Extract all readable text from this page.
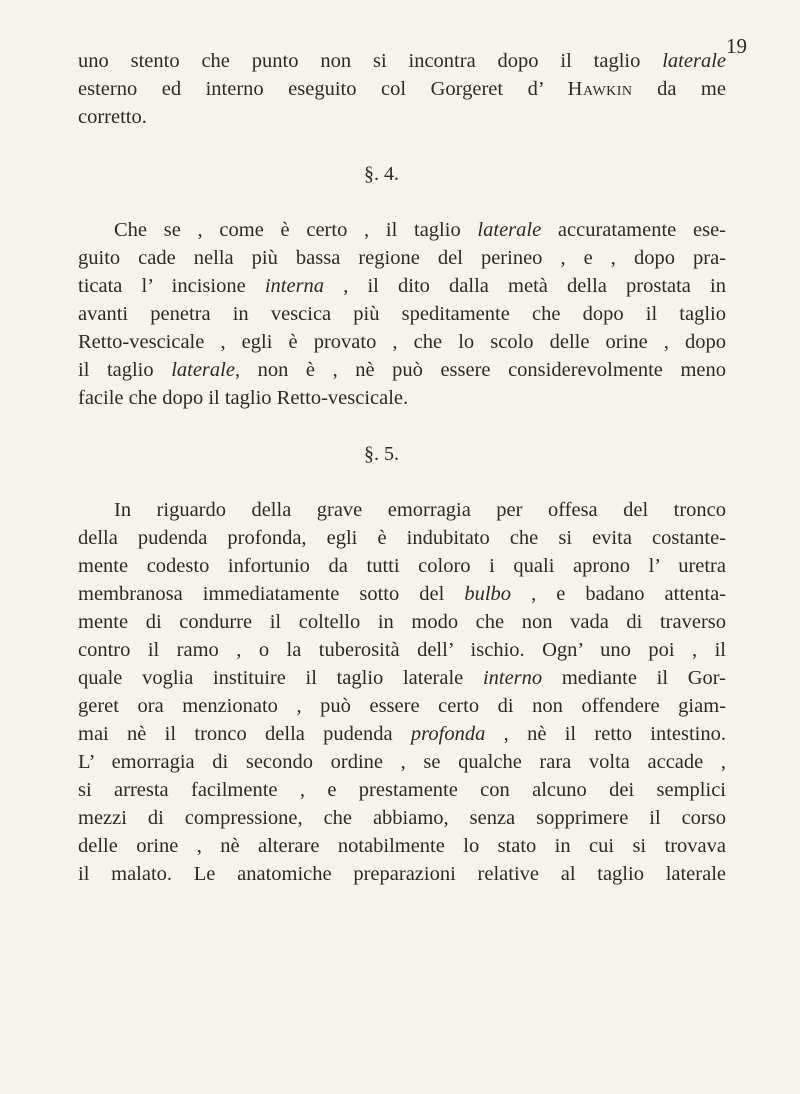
19
uno stento che punto non si incontra dopo il taglio laterale
esterno ed interno eseguito col Gorgeret d’ Hawkin da me
corretto.
§. 4.
Che se , come è certo , il taglio laterale accuratamente ese-
guito cade nella più bassa regione del perineo , e , dopo pra-
ticata l’ incisione interna , il dito dalla metà della prostata in
avanti penetra in vescica più speditamente che dopo il taglio
Retto-vescicale , egli è provato , che lo scolo delle orine , dopo
il taglio laterale, non è , nè può essere considerevolmente meno
facile che dopo il taglio Retto-vescicale.
§. 5.
In riguardo della grave emorragia per offesa del tronco
della pudenda profonda, egli è indubitato che si evita costante-
mente codesto infortunio da tutti coloro i quali aprono l’ uretra
membranosa immediatamente sotto del bulbo , e badano attenta-
mente di condurre il coltello in modo che non vada di traverso
contro il ramo , o la tuberosità dell’ ischio. Ogn’ uno poi , il
quale voglia instituire il taglio laterale interno mediante il Gor-
geret ora menzionato , può essere certo di non offendere giam-
mai nè il tronco della pudenda profonda , nè il retto intestino.
L’ emorragia di secondo ordine , se qualche rara volta accade ,
si arresta facilmente , e prestamente con alcuno dei semplici
mezzi di compressione, che abbiamo, senza sopprimere il corso
delle orine , nè alterare notabilmente lo stato in cui si trovava
il malato. Le anatomiche preparazioni relative al taglio laterale
